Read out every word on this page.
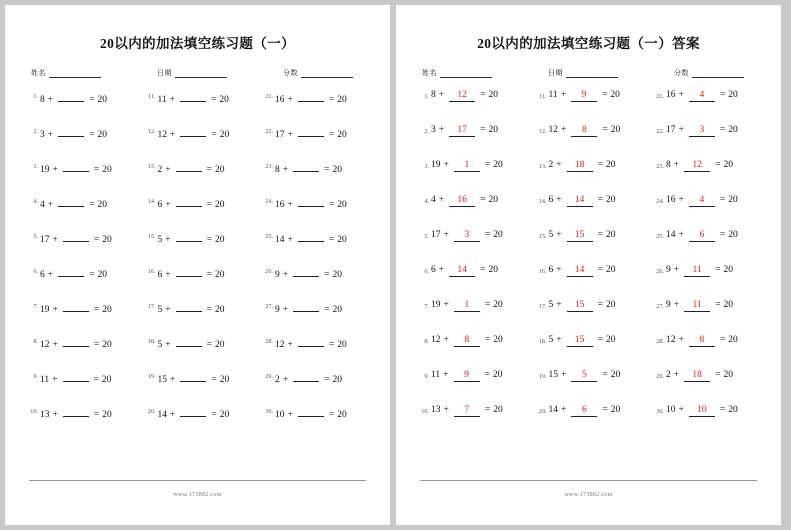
20以内的加法填空练习题（一）
姓名	日期	分数
1. 8 +	= 20
2. 3 +	= 20
3. 19 +	= 20
4. 4 +	= 20
5. 17 +	= 20
6. 6 +	= 20
7. 19 +	= 20
8. 12 +	= 20
9. 11 +	= 20
10. 13 +	= 20
11. 11 +	= 20
12. 12 +	= 20
13. 2 +	= 20
14. 6 +	= 20
15. 5 +	= 20
16. 6 +	= 20
17. 5 +	= 20
18. 5 +	= 20
19. 15 +	= 20
20. 14 +	= 20
21. 16 +	= 20
22. 17 +	= 20
23. 8 +	= 20
24. 16 +	= 20
25. 14 +	= 20
26. 9 +	= 20
27. 9 +	= 20
28. 12 +	= 20
29. 2 +	= 20
30. 10 +	= 20
www.173882.com
20以内的加法填空练习题（一）答案
姓名	日期	分数
1. 8 +	12	= 20
2. 3 +	17	= 20
3. 19 +	1	= 20
4. 4 +	16	= 20
5. 17 +	3	= 20
6. 6 +	14	= 20
7. 19 +	1	= 20
8. 12 +	8	= 20
9. 11 +	9	= 20
10. 13 +	7	= 20
11. 11 +	9	= 20
12. 12 +	8	= 20
13. 2 +	18	= 20
14. 6 +	14	= 20
15. 5 +	15	= 20
16. 6 +	14	= 20
17. 5 +	15	= 20
18. 5 +	15	= 20
19. 15 +	5	= 20
20. 14 +	6	= 20
21. 16 +	4	= 20
22. 17 +	3	= 20
23. 8 +	12	= 20
24. 16 +	4	= 20
25. 14 +	6	= 20
26. 9 +	11	= 20
27. 9 +	11	= 20
28. 12 +	8	= 20
29. 2 +	18	= 20
30. 10 +	10	= 20
www.173882.com
